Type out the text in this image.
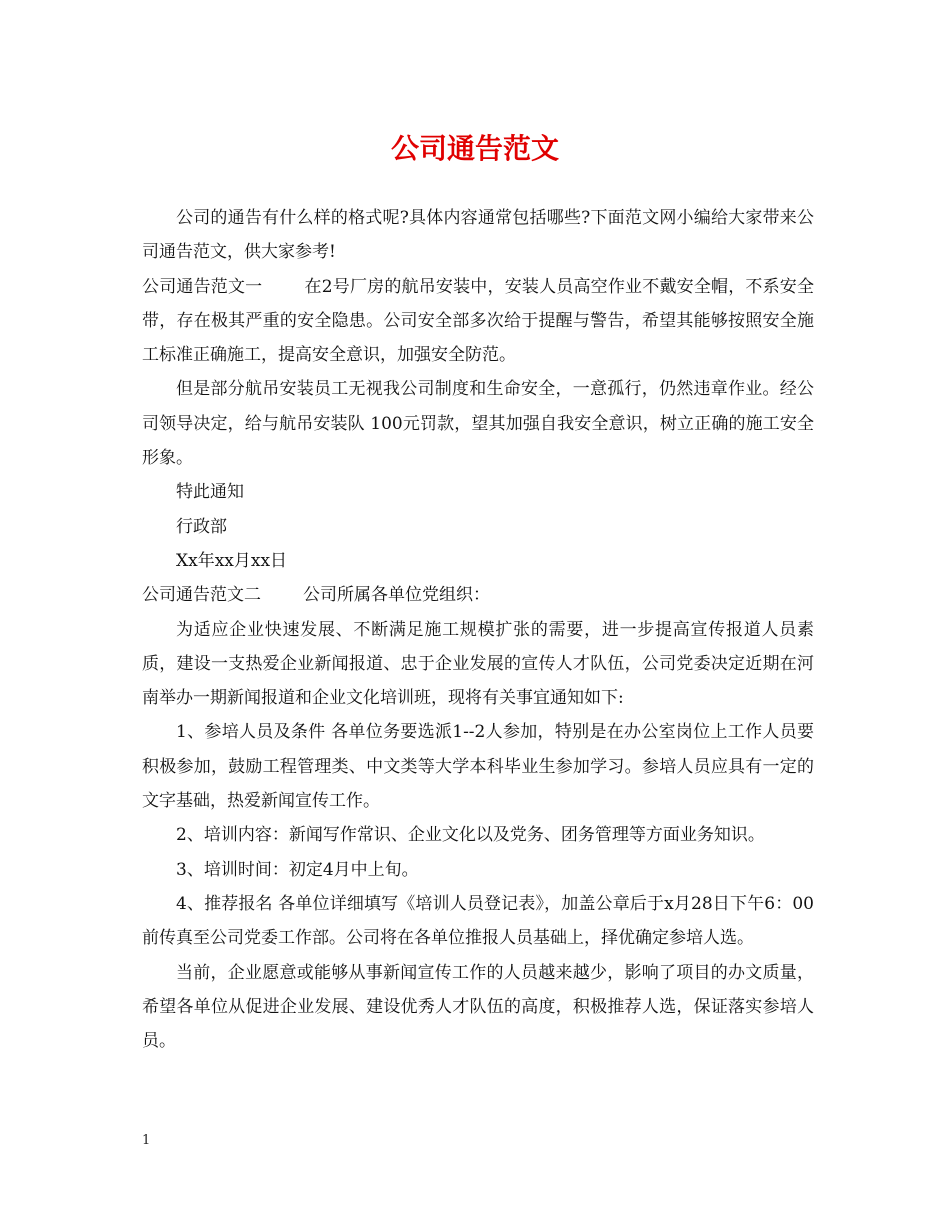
公司通告范文

公司的通告有什么样的格式呢?具体内容通常包括哪些?下面范文网小编给大家带来公司通告范文，供大家参考!

公司通告范文一 在2号厂房的航吊安装中，安装人员高空作业不戴安全帽，不系安全带，存在极其严重的安全隐患。公司安全部多次给于提醒与警告，希望其能够按照安全施工标准正确施工，提高安全意识，加强安全防范。

但是部分航吊安装员工无视我公司制度和生命安全，一意孤行，仍然违章作业。经公司领导决定，给与航吊安装队 100元罚款，望其加强自我安全意识，树立正确的施工安全形象。

特此通知

行政部

Xx年xx月xx日

公司通告范文二 公司所属各单位党组织：

为适应企业快速发展、不断满足施工规模扩张的需要，进一步提高宣传报道人员素质，建设一支热爱企业新闻报道、忠于企业发展的宣传人才队伍，公司党委决定近期在河南举办一期新闻报道和企业文化培训班，现将有关事宜通知如下:

1、参培人员及条件 各单位务要选派1--2人参加，特别是在办公室岗位上工作人员要积极参加，鼓励工程管理类、中文类等大学本科毕业生参加学习。参培人员应具有一定的文字基础，热爱新闻宣传工作。

2、培训内容：新闻写作常识、企业文化以及党务、团务管理等方面业务知识。

3、培训时间：初定4月中上旬。

4、推荐报名 各单位详细填写《培训人员登记表》，加盖公章后于x月28日下午6：00前传真至公司党委工作部。公司将在各单位推报人员基础上，择优确定参培人选。

当前，企业愿意或能够从事新闻宣传工作的人员越来越少，影响了项目的办文质量，希望各单位从促进企业发展、建设优秀人才队伍的高度，积极推荐人选，保证落实参培人员。

1
